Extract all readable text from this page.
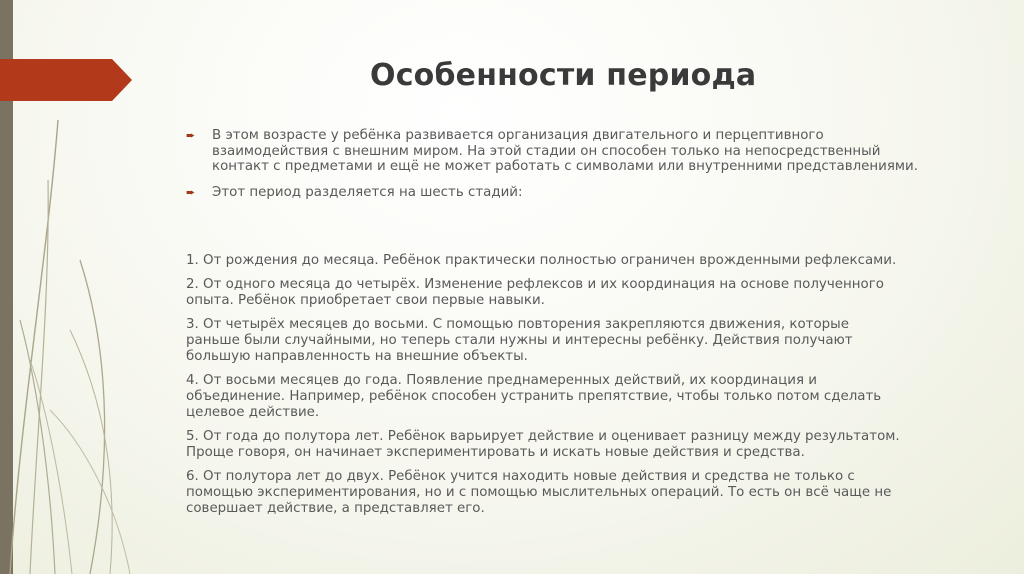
Особенности периода
➨ В этом возрасте у ребёнка развивается организация двигательного и перцептивного взаимодействия с внешним миром. На этой стадии он способен только на непосредственный контакт с предметами и ещё не может работать с символами или внутренними представлениями.
➨ Этот период разделяется на шесть стадий:

1. От рождения до месяца. Ребёнок практически полностью ограничен врожденными рефлексами.

2. От одного месяца до четырёх. Изменение рефлексов и их координация на основе полученного опыта. Ребёнок приобретает свои первые навыки.

3. От четырёх месяцев до восьми. С помощью повторения закрепляются движения, которые раньше были случайными, но теперь стали нужны и интересны ребёнку. Действия получают большую направленность на внешние объекты.

4. От восьми месяцев до года. Появление преднамеренных действий, их координация и объединение. Например, ребёнок способен устранить препятствие, чтобы только потом сделать целевое действие.

5. От года до полутора лет. Ребёнок варьирует действие и оценивает разницу между результатом. Проще говоря, он начинает экспериментировать и искать новые действия и средства.

6. От полутора лет до двух. Ребёнок учится находить новые действия и средства не только с помощью экспериментирования, но и с помощью мыслительных операций. То есть он всё чаще не совершает действие, а представляет его.
